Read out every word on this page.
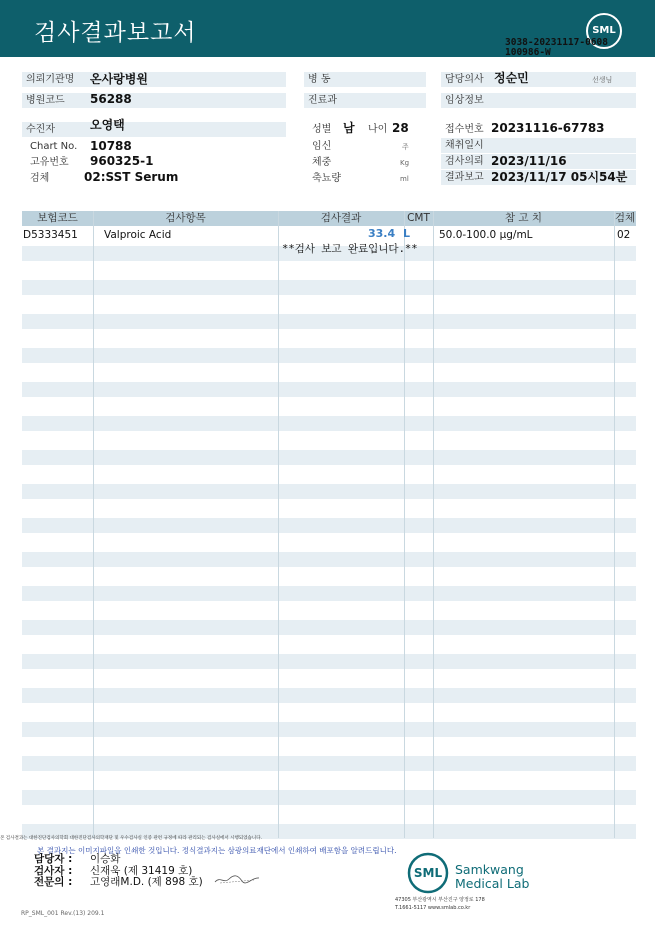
검사결과보고서	SML
3038-20231117-0608
100986-W
의뢰기관명	온사랑병원	병 동	담당의사 정순민	선생님
병원코드	56288	진료과	임상정보
수진자	오영택	성별 남 나이 28	접수번호 20231116-67783
Chart No. 10788	임신	주	채취일시
고유번호 960325-1	체중	Kg	검사의뢰 2023/11/16
검체	02:SST Serum	축뇨량	ml	결과보고 2023/11/17 05시54분
보험코드	검사항목	검사결과	CMT	참 고 치	검체
D5333451 Valproic Acid	33.4 L	50.0-100.0 μg/mL	02
**검사 보고 완료입니다.**
본 검사결과는 대한진단검사의학회 대한진단검사의학재단 및 우수검사실 인증 관련 규정에 따라 관리되는 검사실에서 시행되었습니다.
본 결과지는 이미지파일을 인쇄한 것입니다. 정식결과지는 삼광의료재단에서 인쇄하여 배포함을 알려드립니다.
담당자 : 이승화
검사자 : 신재욱 (제 31419 호)
전문의 : 고영래M.D. (제 898 호)
SML Samkwang
Medical Lab
47305 부산광역시 부산진구 양정로 178
T.1661-5117 www.smlab.co.kr
RP_SML_001 Rev.(13) 209.1
